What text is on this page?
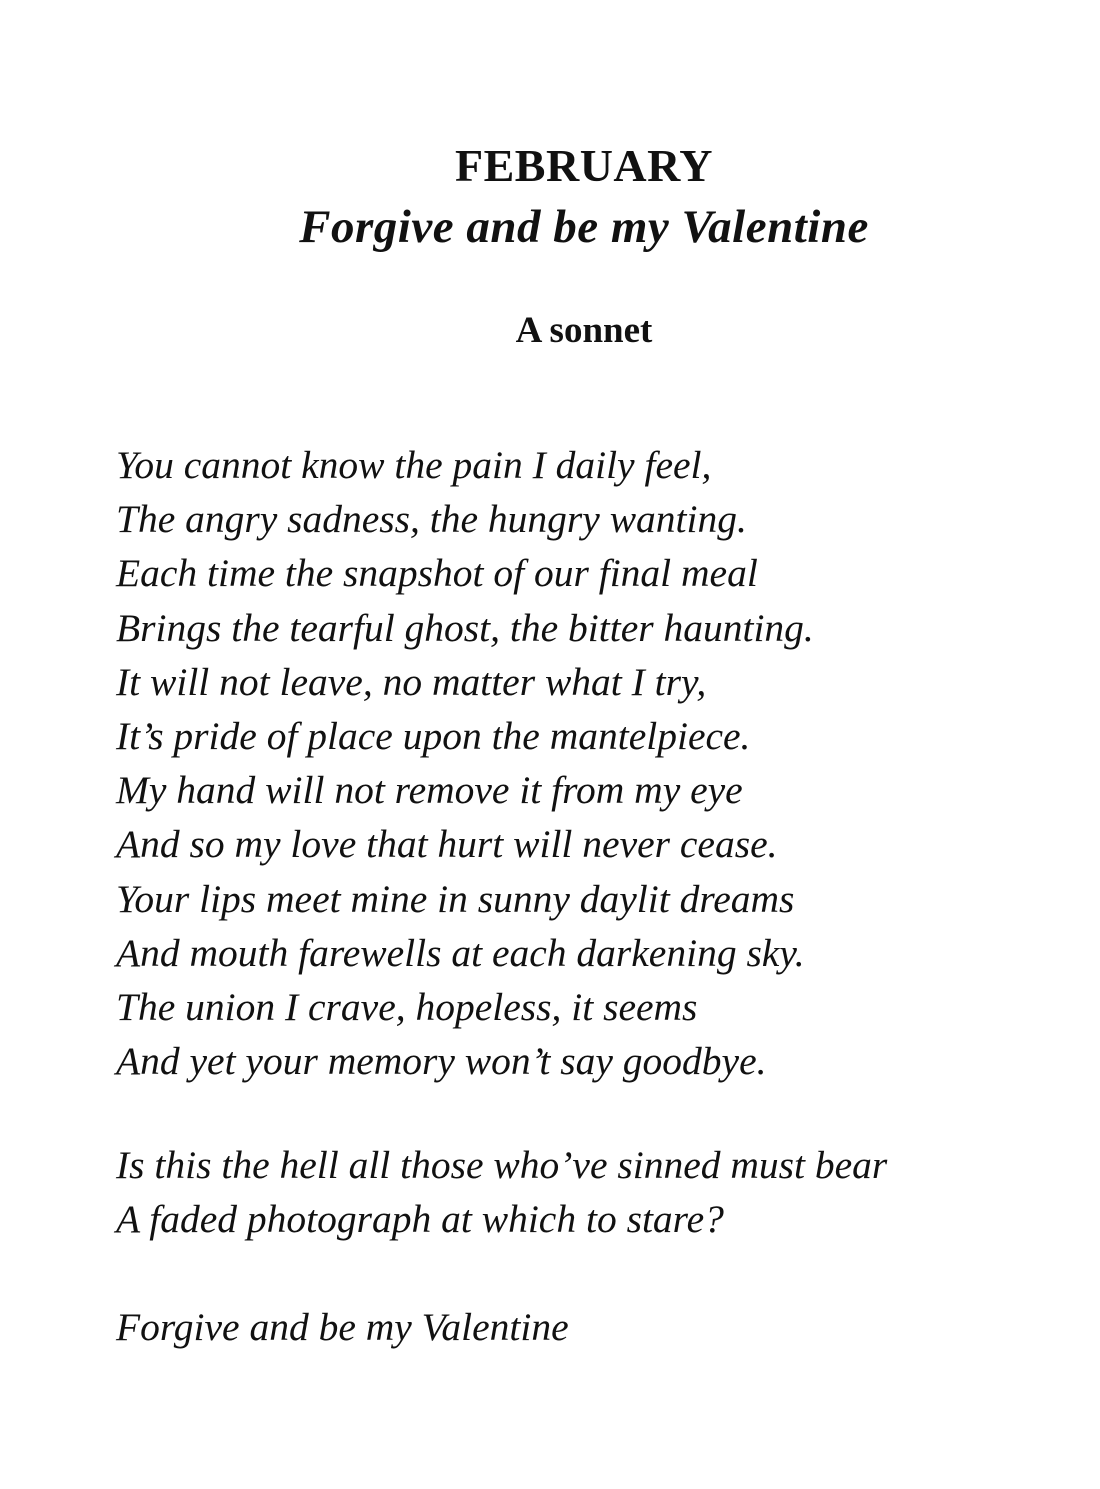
FEBRUARY
Forgive and be my Valentine
A sonnet
You cannot know the pain I daily feel,
The angry sadness, the hungry wanting.
Each time the snapshot of our final meal
Brings the tearful ghost, the bitter haunting.
It will not leave, no matter what I try,
It’s pride of place upon the mantelpiece.
My hand will not remove it from my eye
And so my love that hurt will never cease.
Your lips meet mine in sunny daylit dreams
And mouth farewells at each darkening sky.
The union I crave, hopeless, it seems
And yet your memory won’t say goodbye.
Is this the hell all those who’ve sinned must bear
A faded photograph at which to stare?
Forgive and be my Valentine
